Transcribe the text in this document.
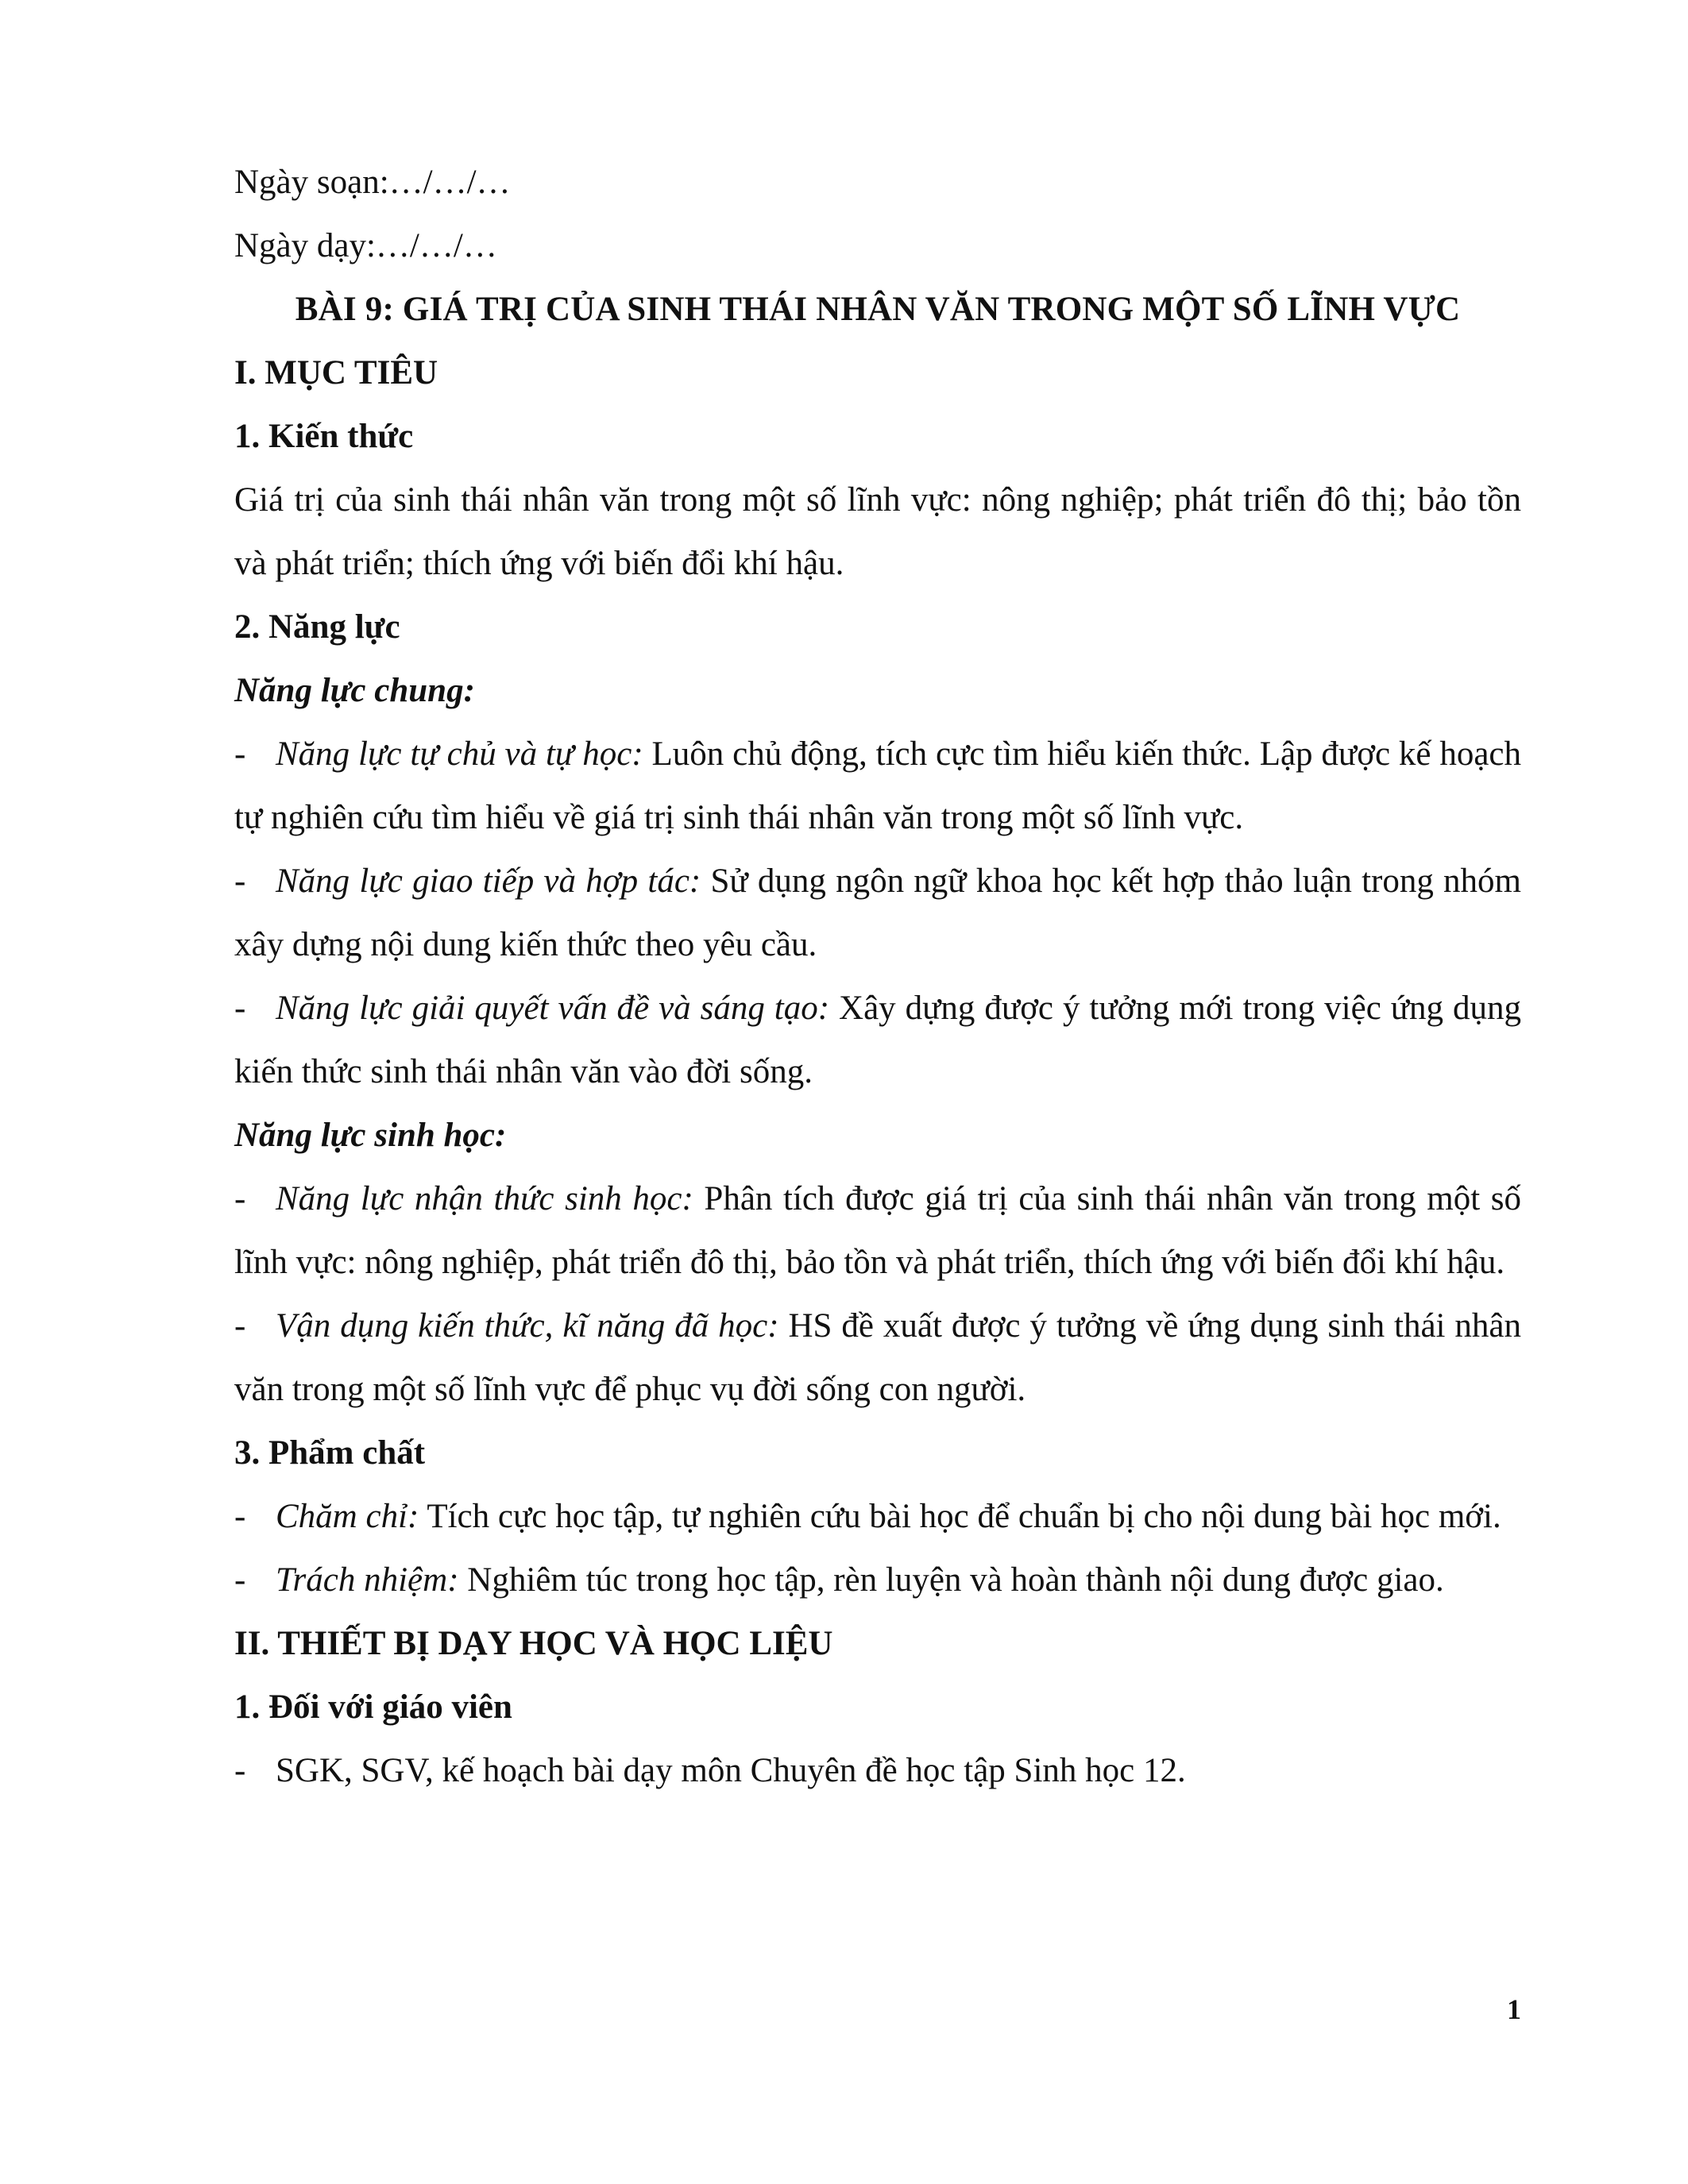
Ngày soạn:…/…/…

Ngày dạy:…/…/…

BÀI 9: GIÁ TRỊ CỦA SINH THÁI NHÂN VĂN TRONG MỘT SỐ LĨNH VỰC

I. MỤC TIÊU

1. Kiến thức

Giá trị của sinh thái nhân văn trong một số lĩnh vực: nông nghiệp; phát triển đô thị; bảo tồn và phát triển; thích ứng với biến đổi khí hậu.

2. Năng lực

Năng lực chung:

- Năng lực tự chủ và tự học: Luôn chủ động, tích cực tìm hiểu kiến thức. Lập được kế hoạch tự nghiên cứu tìm hiểu về giá trị sinh thái nhân văn trong một số lĩnh vực.

- Năng lực giao tiếp và hợp tác: Sử dụng ngôn ngữ khoa học kết hợp thảo luận trong nhóm xây dựng nội dung kiến thức theo yêu cầu.

- Năng lực giải quyết vấn đề và sáng tạo: Xây dựng được ý tưởng mới trong việc ứng dụng kiến thức sinh thái nhân văn vào đời sống.

Năng lực sinh học:

- Năng lực nhận thức sinh học: Phân tích được giá trị của sinh thái nhân văn trong một số lĩnh vực: nông nghiệp, phát triển đô thị, bảo tồn và phát triển, thích ứng với biến đổi khí hậu.

- Vận dụng kiến thức, kĩ năng đã học: HS đề xuất được ý tưởng về ứng dụng sinh thái nhân văn trong một số lĩnh vực để phục vụ đời sống con người.

3. Phẩm chất

- Chăm chỉ: Tích cực học tập, tự nghiên cứu bài học để chuẩn bị cho nội dung bài học mới.

- Trách nhiệm: Nghiêm túc trong học tập, rèn luyện và hoàn thành nội dung được giao.

II. THIẾT BỊ DẠY HỌC VÀ HỌC LIỆU

1. Đối với giáo viên

- SGK, SGV, kế hoạch bài dạy môn Chuyên đề học tập Sinh học 12.

1
